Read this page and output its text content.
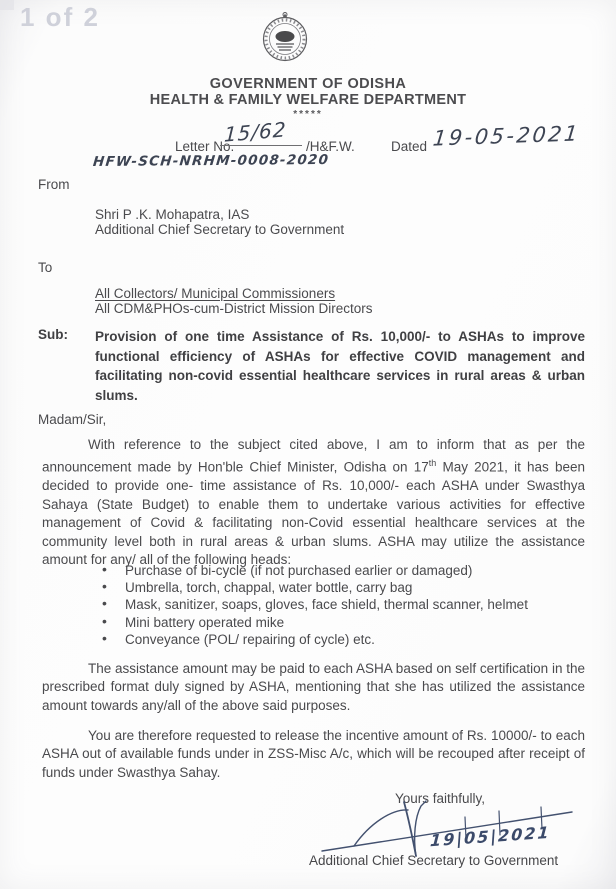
1 of 2
GOVERNMENT OF ODISHA
HEALTH & FAMILY WELFARE DEPARTMENT
*****
Letter No.
15/62 /H&F.W.	Dated 19-05-2021
HFW-SCH-NRHM-0008-2020
From
Shri P .K. Mohapatra, IAS
Additional Chief Secretary to Government
To
All Collectors/ Municipal Commissioners
All CDM&PHOs-cum-District Mission Directors
Sub: Provision of one time Assistance of Rs. 10,000/- to ASHAs to improve functional efficiency of ASHAs for effective COVID management and facilitating non-covid essential healthcare services in rural areas & urban slums.
Madam/Sir,

With reference to the subject cited above, I am to inform that as per the announcement made by Hon'ble Chief Minister, Odisha on 17th May 2021, it has been decided to provide one- time assistance of Rs. 10,000/- each ASHA under Swasthya Sahaya (State Budget) to enable them to undertake various activities for effective management of Covid & facilitating non-Covid essential healthcare services at the community level both in rural areas & urban slums. ASHA may utilize the assistance amount for any/ all of the following heads:

• Purchase of bi-cycle (if not purchased earlier or damaged)
• Umbrella, torch, chappal, water bottle, carry bag
• Mask, sanitizer, soaps, gloves, face shield, thermal scanner, helmet
• Mini battery operated mike
• Conveyance (POL/ repairing of cycle) etc.

The assistance amount may be paid to each ASHA based on self certification in the prescribed format duly signed by ASHA, mentioning that she has utilized the assistance amount towards any/all of the above said purposes.

You are therefore requested to release the incentive amount of Rs. 10000/- to each ASHA out of available funds under in ZSS-Misc A/c, which will be recouped after receipt of funds under Swasthya Sahay.

Yours faithfully,
19|05|2021
Additional Chief Secretary to Government
